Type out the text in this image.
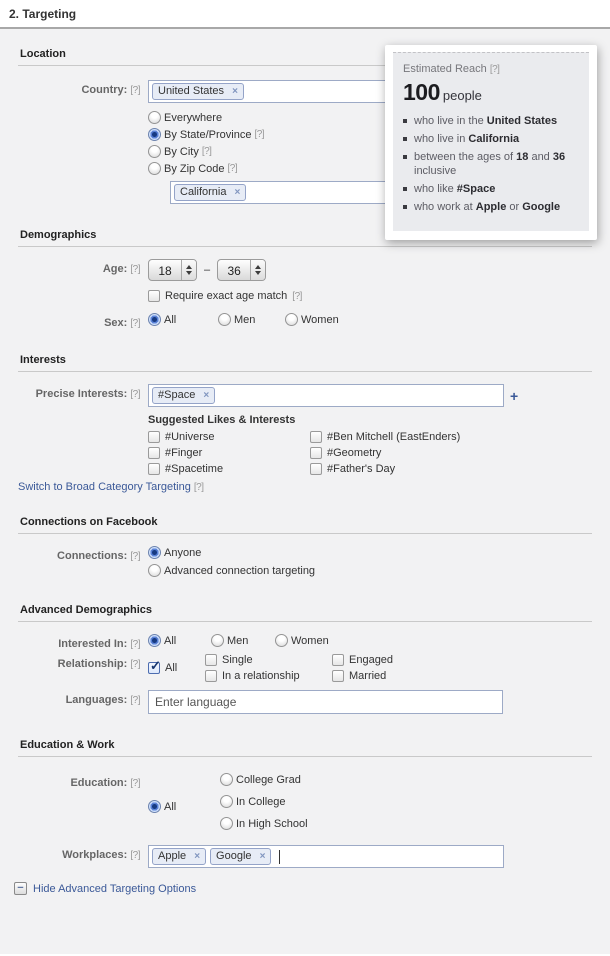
2. Targeting
Estimated Reach [?]
100 people
who live in the United States
who live in California
between the ages of 18 and 36 inclusive
who like #Space
who work at Apple or Google
Location
Country: [?]	United States ×
Everywhere
By State/Province [?]
By City [?]
By Zip Code [?]
California ×
Demographics
Age: [?]	18	–	36
Require exact age match [?]
Sex: [?]	All	Men	Women
Interests
Precise Interests: [?]	#Space ×	+
Suggested Likes & Interests
#Universe	#Ben Mitchell (EastEnders)
#Finger	#Geometry
#Spacetime	#Father's Day
Switch to Broad Category Targeting [?]
Connections on Facebook
Connections: [?]	Anyone
Advanced connection targeting
Advanced Demographics
Interested In: [?]	All	Men	Women
Relationship: [?] ✓	All
Single	Engaged
In a relationship	Married
Languages: [?]
Enter language
Education & Work
Education: [?]
All
College Grad
In College
In High School
Workplaces: [?]	Apple ×	Google ×
− Hide Advanced Targeting Options
